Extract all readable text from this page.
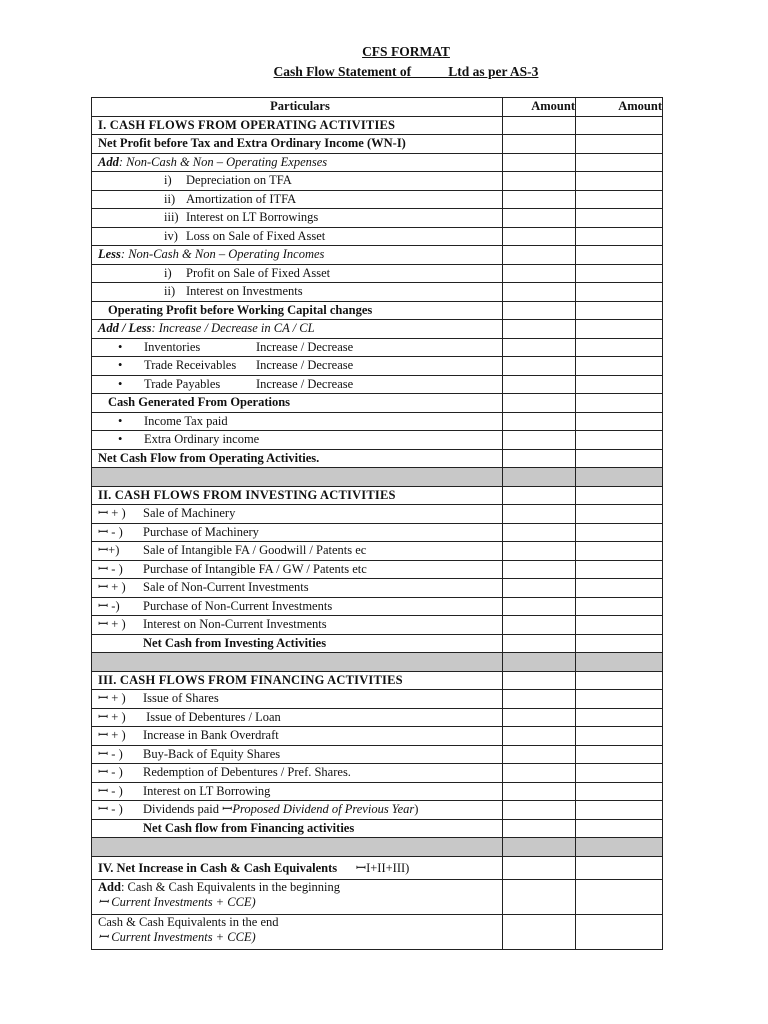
CFS FORMAT
Cash Flow Statement of _____Ltd as per AS-3
Particulars	Amount	Amount
I. CASH FLOWS FROM OPERATING ACTIVITIES		
Net Profit before Tax and Extra Ordinary Income (WN-I)		
Add: Non-Cash & Non – Operating Expenses		
i) Depreciation on TFA		
ii) Amortization of ITFA		
iii) Interest on LT Borrowings		
iv) Loss on Sale of Fixed Asset		
Less: Non-Cash & Non – Operating Incomes		
i) Profit on Sale of Fixed Asset		
ii) Interest on Investments		
Operating Profit before Working Capital changes		
Add / Less: Increase / Decrease in CA / CL		
• Inventories Increase / Decrease		
• Trade Receivables Increase / Decrease		
• Trade Payables Increase / Decrease		
Cash Generated From Operations		
• Income Tax paid		
• Extra Ordinary income		
Net Cash Flow from Operating Activities.		

II. CASH FLOWS FROM INVESTING ACTIVITIES		
ꟷ + ) Sale of Machinery		
ꟷ - ) Purchase of Machinery		
ꟷ+) Sale of Intangible FA / Goodwill / Patents ec		
ꟷ - ) Purchase of Intangible FA / GW / Patents etc		
ꟷ + ) Sale of Non-Current Investments		
ꟷ -) Purchase of Non-Current Investments		
ꟷ + ) Interest on Non-Current Investments		
Net Cash from Investing Activities		

III. CASH FLOWS FROM FINANCING ACTIVITIES		
ꟷ + ) Issue of Shares		
ꟷ + ) Issue of Debentures / Loan		
ꟷ + ) Increase in Bank Overdraft		
ꟷ - ) Buy-Back of Equity Shares		
ꟷ - ) Redemption of Debentures / Pref. Shares.		
ꟷ - ) Interest on LT Borrowing		
ꟷ - ) Dividends paid ꟷProposed Dividend of Previous Year)		
Net Cash flow from Financing activities		

IV. Net Increase in Cash & Cash Equivalents ꟷI+II+III)		
Add: Cash & Cash Equivalents in the beginning
ꟷ Current Investments + CCE)		
Cash & Cash Equivalents in the end
ꟷ Current Investments + CCE)		
